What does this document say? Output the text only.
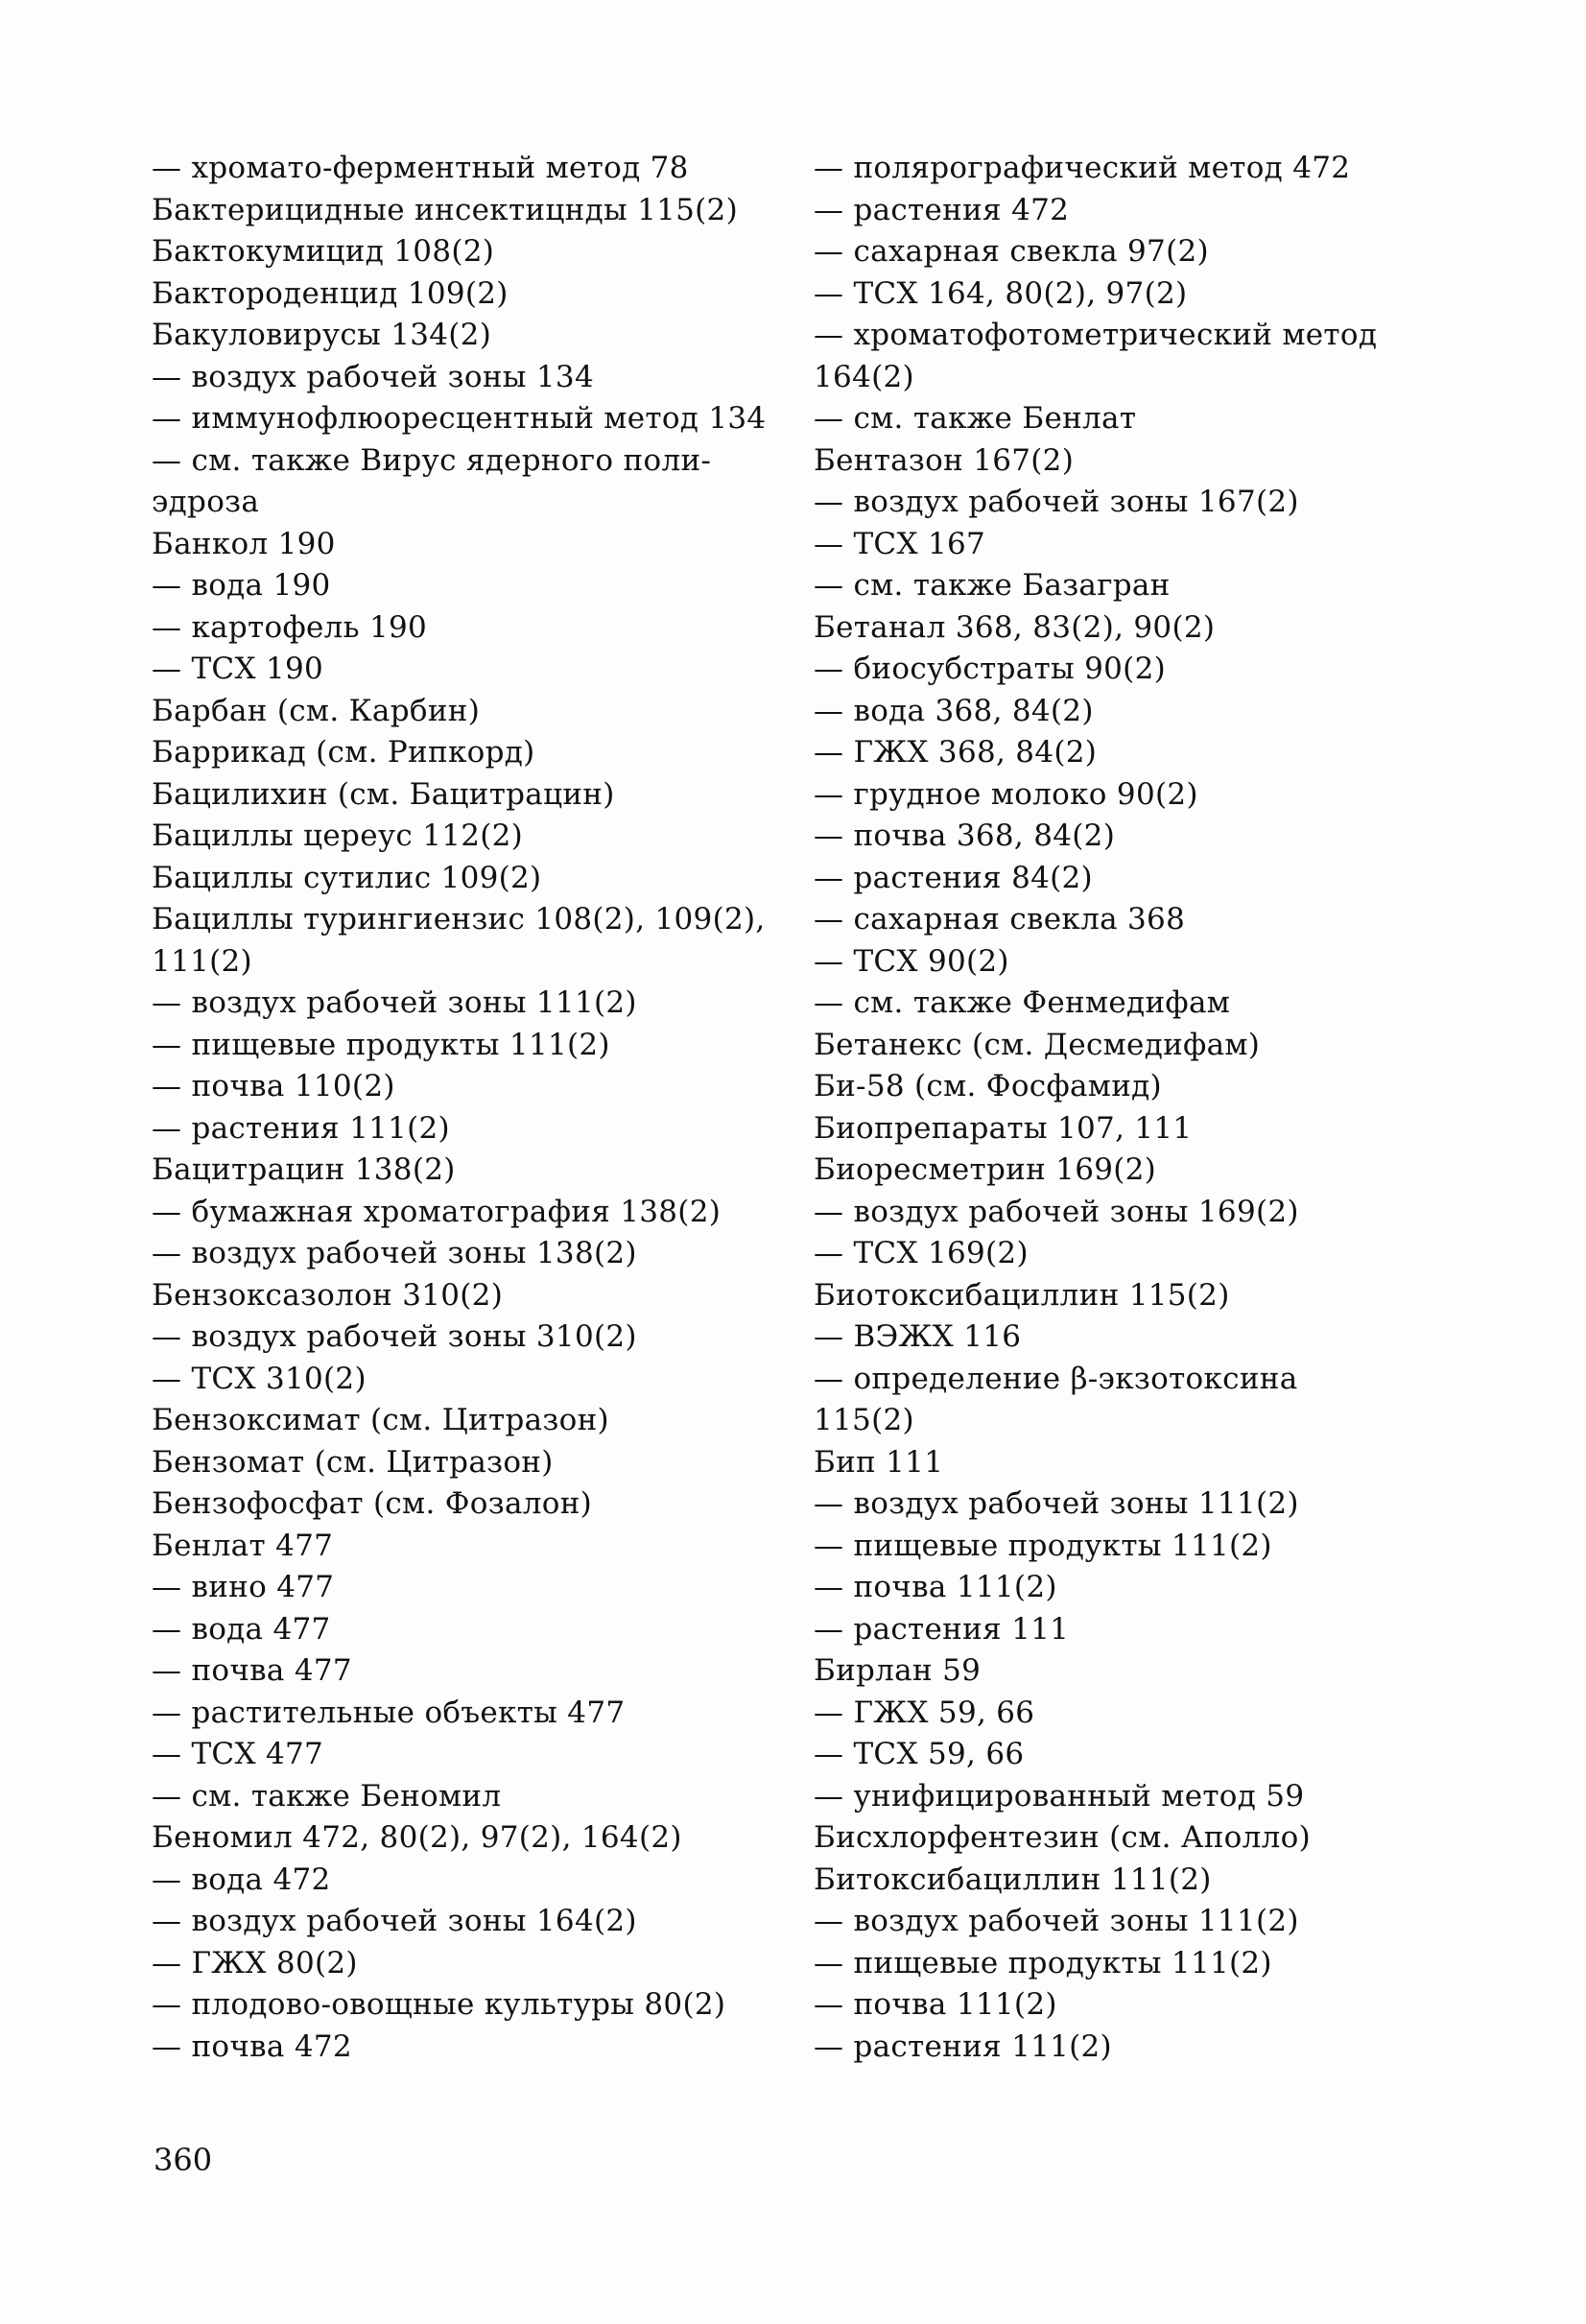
— хромато-ферментный метод 78
Бактерицидные инсектицнды 115(2)
Бактокумицид 108(2)
Бактороденцид 109(2)
Бакуловирусы 134(2)
— воздух рабочей зоны 134
— иммунофлюоресцентный метод 134
— см. также Вирус ядерного поли-
эдроза
Банкол 190
— вода 190
— картофель 190
— ТСХ 190
Барбан (см. Карбин)
Баррикад (см. Рипкорд)
Бацилихин (см. Бацитрацин)
Бациллы цереус 112(2)
Бациллы сутилис 109(2)
Бациллы турингиензис 108(2), 109(2),
111(2)
— воздух рабочей зоны 111(2)
— пищевые продукты 111(2)
— почва 110(2)
— растения 111(2)
Бацитрацин 138(2)
— бумажная хроматография 138(2)
— воздух рабочей зоны 138(2)
Бензоксазолон 310(2)
— воздух рабочей зоны 310(2)
— ТСХ 310(2)
Бензоксимат (см. Цитразон)
Бензомат (см. Цитразон)
Бензофосфат (см. Фозалон)
Бенлат 477
— вино 477
— вода 477
— почва 477
— растительные объекты 477
— ТСХ 477
— см. также Беномил
Беномил 472, 80(2), 97(2), 164(2)
— вода 472
— воздух рабочей зоны 164(2)
— ГЖХ 80(2)
— плодово-овощные культуры 80(2)
— почва 472
— полярографический метод 472
— растения 472
— сахарная свекла 97(2)
— ТСХ 164, 80(2), 97(2)
— хроматофотометрический метод
164(2)
— см. также Бенлат
Бентазон 167(2)
— воздух рабочей зоны 167(2)
— ТСХ 167
— см. также Базагран
Бетанал 368, 83(2), 90(2)
— биосубстраты 90(2)
— вода 368, 84(2)
— ГЖХ 368, 84(2)
— грудное молоко 90(2)
— почва 368, 84(2)
— растения 84(2)
— сахарная свекла 368
— ТСХ 90(2)
— см. также Фенмедифам
Бетанекс (см. Десмедифам)
Би-58 (см. Фосфамид)
Биопрепараты 107, 111
Биоресметрин 169(2)
— воздух рабочей зоны 169(2)
— ТСХ 169(2)
Биотоксибациллин 115(2)
— ВЭЖХ 116
— определение β-экзотоксина
115(2)
Бип 111
— воздух рабочей зоны 111(2)
— пищевые продукты 111(2)
— почва 111(2)
— растения 111
Бирлан 59
— ГЖХ 59, 66
— ТСХ 59, 66
— унифицированный метод 59
Бисхлорфентезин (см. Аполло)
Битоксибациллин 111(2)
— воздух рабочей зоны 111(2)
— пищевые продукты 111(2)
— почва 111(2)
— растения 111(2)
360
